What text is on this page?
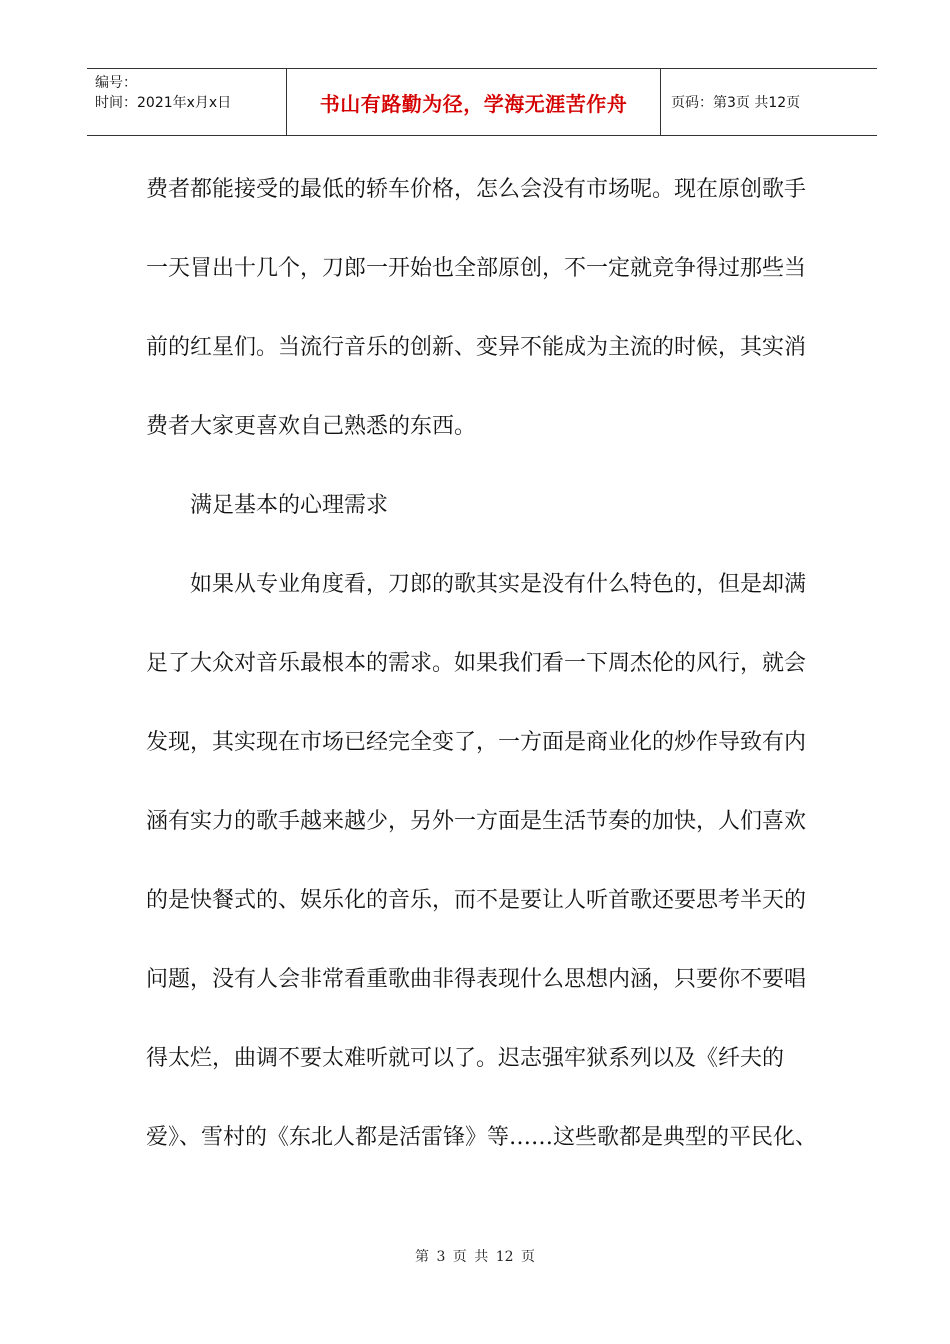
编号：
时间：2021年x月x日	书山有路勤为径，学海无涯苦作舟	页码：第3页 共12页

费者都能接受的最低的轿车价格，怎么会没有市场呢。现在原创歌手

一天冒出十几个，刀郎一开始也全部原创，不一定就竞争得过那些当

前的红星们。当流行音乐的创新、变异不能成为主流的时候，其实消

费者大家更喜欢自己熟悉的东西。

满足基本的心理需求

如果从专业角度看，刀郎的歌其实是没有什么特色的，但是却满

足了大众对音乐最根本的需求。如果我们看一下周杰伦的风行，就会

发现，其实现在市场已经完全变了，一方面是商业化的炒作导致有内

涵有实力的歌手越来越少，另外一方面是生活节奏的加快，人们喜欢

的是快餐式的、娱乐化的音乐，而不是要让人听首歌还要思考半天的

问题，没有人会非常看重歌曲非得表现什么思想内涵，只要你不要唱

得太烂，曲调不要太难听就可以了。迟志强牢狱系列以及《纤夫的

爱》、雪村的《东北人都是活雷锋》等……这些歌都是典型的平民化、

第 3 页 共 12 页
